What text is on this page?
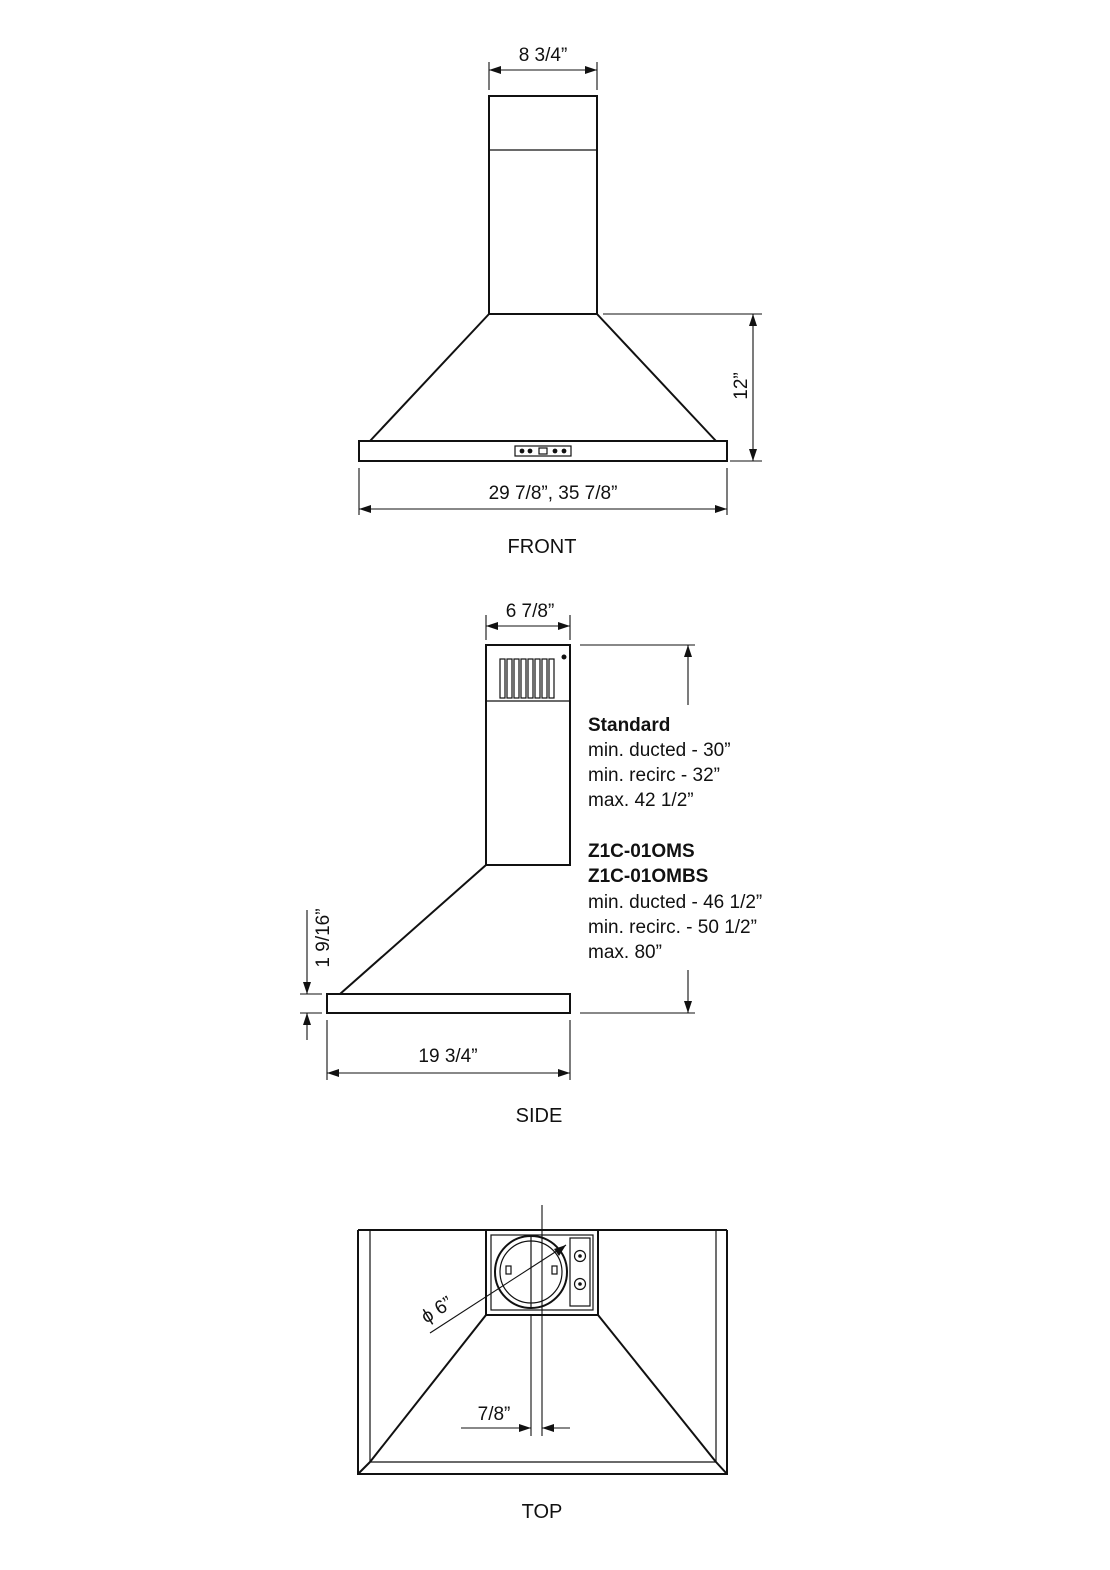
8 3/4”
12”
29 7/8”, 35 7/8”
FRONT
6 7/8”
Standard
min. ducted - 30”
min. recirc - 32”
max. 42 1/2”
Z1C-01OMS
Z1C-01OMBS
min. ducted - 46 1/2”
min. recirc. - 50 1/2”
max. 80”
1 9/16”
19 3/4”
SIDE
ϕ 6”
7/8”
TOP
